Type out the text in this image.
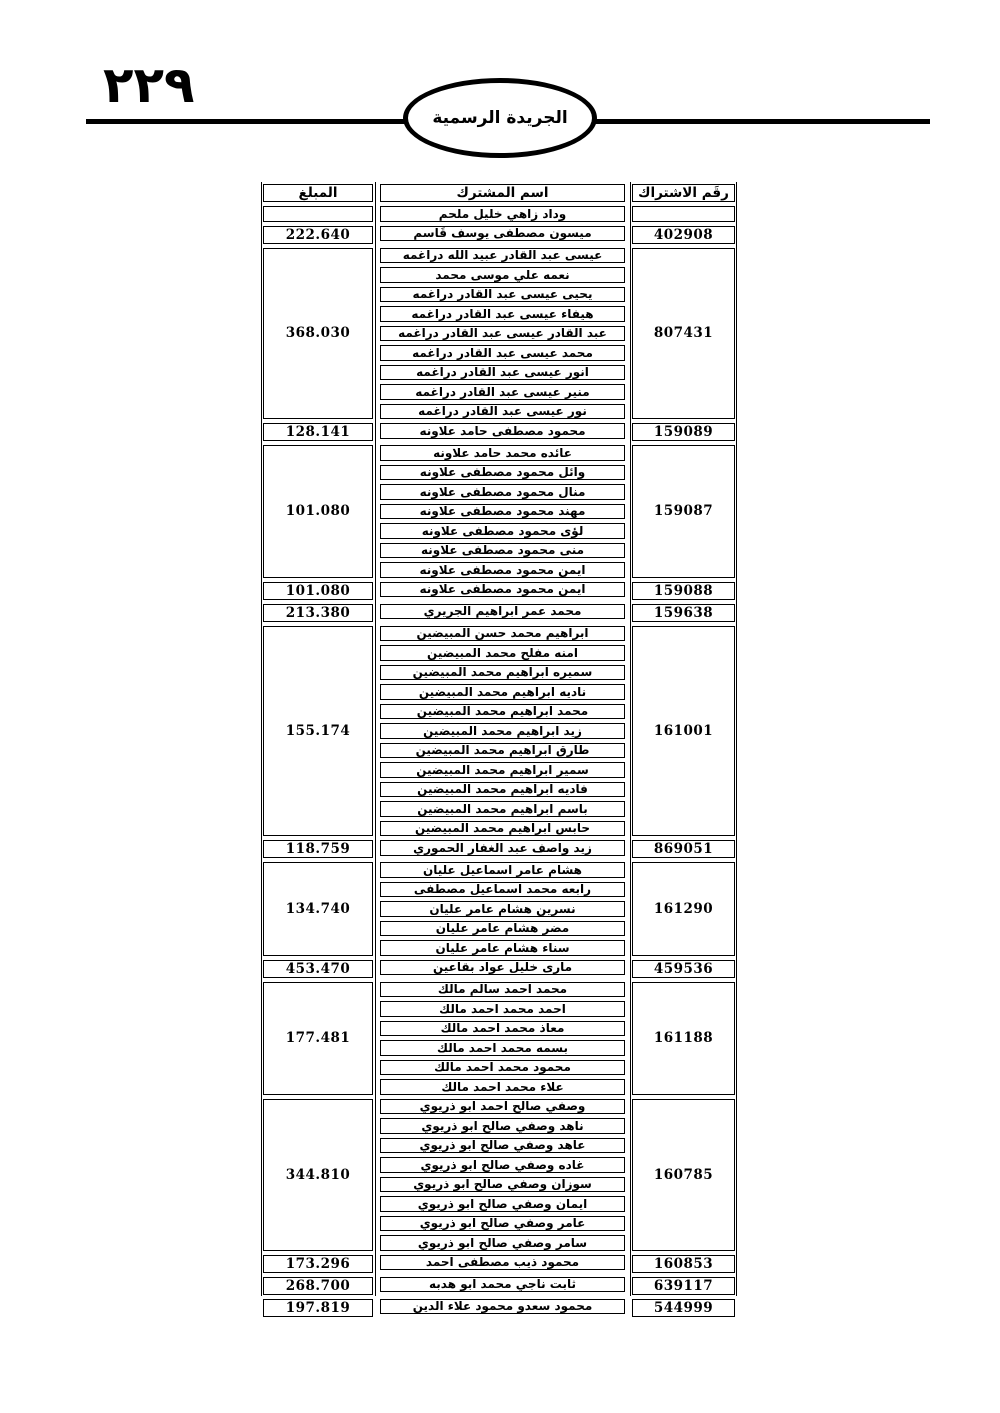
٢٢٩
الجريدة الرسمية
رقَم الاشتراك
اسم المشترك
المبلغ
وداد زاهي خليل ملحم
402908
ميسون مصطفى يوسف قَاسم
222.640
807431
عيسى عبد القادر عبيد الله دراغمه
نعمه علي موسى محمد
يحيى عيسى عبد القادر دراغمه
هيفاء عيسى عبد القادر دراغمه
عبد القادر عيسى عبد القادر دراغمه
محمد عيسى عبد القادر دراغمه
انور عيسى عبد القادر دراغمه
منير عيسى عبد القادر دراغمه
نور عيسى عبد القادر دراغمه
368.030
159089
محمود مصطفى حامد علاونه
128.141
159087
عائده محمد حامد علاونه
وائل محمود مصطفى علاونه
منال محمود مصطفى علاونه
مهند محمود مصطفى علاونه
لؤى محمود مصطفى علاونه
منى محمود مصطفى علاونه
ايمن محمود مصطفى علاونه
101.080
159088
ايمن محمود مصطفى علاونه
101.080
159638
محمد عمر ابراهيم الجريري
213.380
161001
ابراهيم محمد حسن المبيضين
امنه مفلح محمد المبيضين
سميره ابراهيم محمد المبيضين
ناديه ابراهيم محمد المبيضين
محمد ابراهيم محمد المبيضين
زيد ابراهيم محمد المبيضين
طارق ابراهيم محمد المبيضين
سمير ابراهيم محمد المبيضين
فاديه ابراهيم محمد المبيضين
باسم ابراهيم محمد المبيضين
حابس ابراهيم محمد المبيضين
155.174
869051
زيد واصف عبد الغفار الحموري
118.759
161290
هشام عامر اسماعيل عليان
رابعه محمد اسماعيل مصطفى
نسرين هشام عامر عليان
مضر هشام عامر عليان
سناء هشام عامر عليان
134.740
459536
مارى خليل عواد بقاعين
453.470
161188
محمد احمد سالم مالك
احمد محمد احمد مالك
معاذ محمد احمد مالك
بسمه محمد احمد مالك
محمود محمد احمد مالك
علاء محمد احمد مالك
177.481
160785
وصفي صالح احمد ابو ذريوي
ناهد وصفي صالح ابو ذريوي
عاهد وصفي صالح ابو ذريوي
غاده وصفي صالح ابو ذريوي
سوزان وصفي صالح ابو ذريوي
ايمان وصفي صالح ابو ذريوي
عامر وصفي صالح ابو ذريوي
سامر وصفي صالح ابو ذريوي
344.810
160853
محمود ذيب مصطفى احمد
173.296
639117
ثابت ناجي محمد ابو هدبه
268.700
544999
محمود سعدو محمود علاء الدين
197.819
